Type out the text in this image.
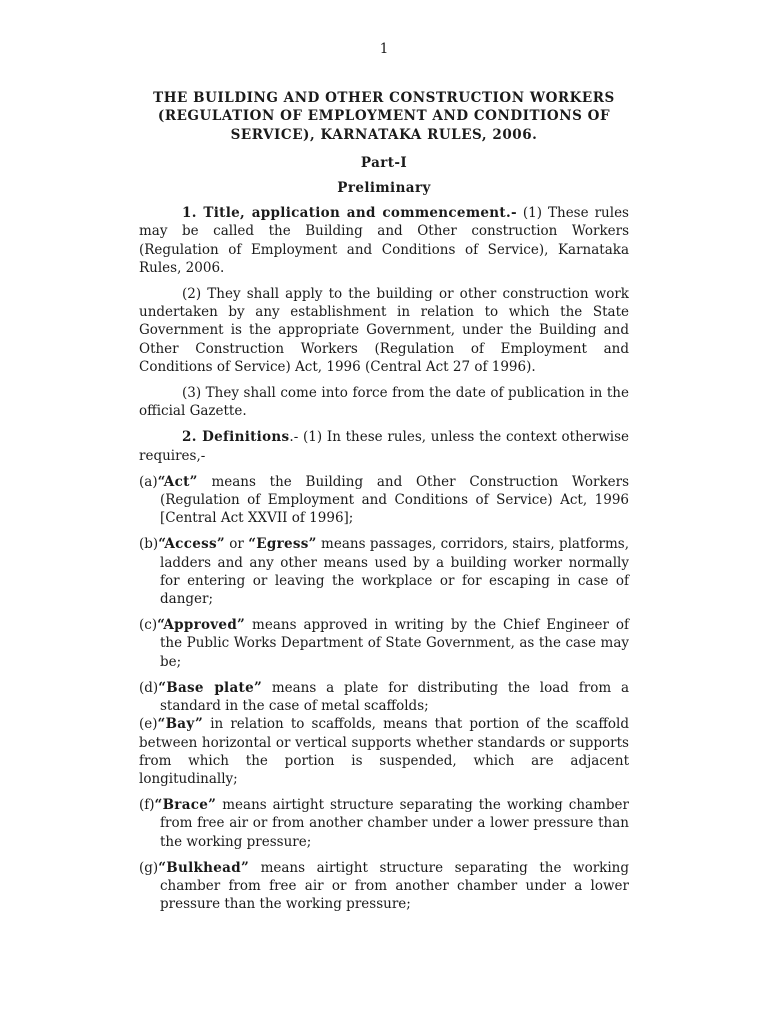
1
THE BUILDING AND OTHER CONSTRUCTION WORKERS (REGULATION OF EMPLOYMENT AND CONDITIONS OF SERVICE), KARNATAKA RULES, 2006.
Part-I
Preliminary

1. Title, application and commencement.- (1) These rules may be called the Building and Other construction Workers (Regulation of Employment and Conditions of Service), Karnataka Rules, 2006.

(2) They shall apply to the building or other construction work undertaken by any establishment in relation to which the State Government is the appropriate Government, under the Building and Other Construction Workers (Regulation of Employment and Conditions of Service) Act, 1996 (Central Act 27 of 1996).

(3) They shall come into force from the date of publication in the official Gazette.

2. Definitions.- (1) In these rules, unless the context otherwise requires,-

(a)“Act” means the Building and Other Construction Workers (Regulation of Employment and Conditions of Service) Act, 1996 [Central Act XXVII of 1996];
(b)“Access” or “Egress” means passages, corridors, stairs, platforms, ladders and any other means used by a building worker normally for entering or leaving the workplace or for escaping in case of danger;
(c)“Approved” means approved in writing by the Chief Engineer of the Public Works Department of State Government, as the case may be;
(d)“Base plate” means a plate for distributing the load from a standard in the case of metal scaffolds;
(e)“Bay” in relation to scaffolds, means that portion of the scaffold between horizontal or vertical supports whether standards or supports from which the portion is suspended, which are adjacent longitudinally;
(f)“Brace” means airtight structure separating the working chamber from free air or from another chamber under a lower pressure than the working pressure;
(g)“Bulkhead” means airtight structure separating the working chamber from free air or from another chamber under a lower pressure than the working pressure;
